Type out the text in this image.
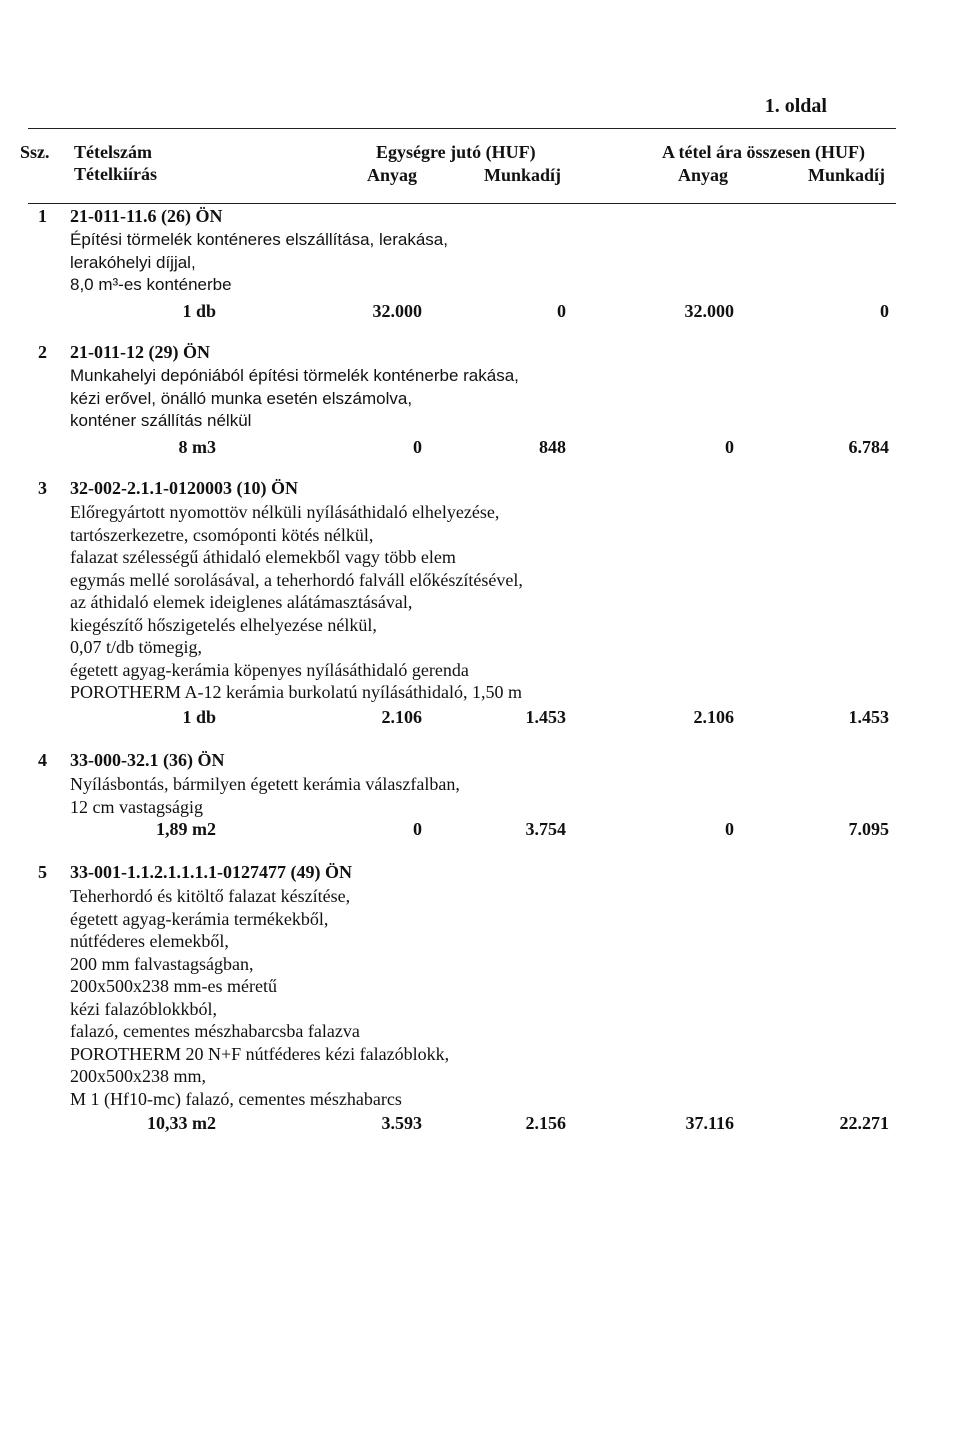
1. oldal
Ssz. Tételszám
Tételkiírás
Egységre jutó (HUF)
Anyag	Munkadíj
A tétel ára összesen (HUF)
Anyag	Munkadíj
1 21-011-11.6 (26) ÖN
Építési törmelék konténeres elszállítása, lerakása,
lerakóhelyi díjjal,
8,0 m³-es konténerbe
1 db	32.000	0	32.000	0
2 21-011-12 (29) ÖN
Munkahelyi depóniából építési törmelék konténerbe rakása,
kézi erővel, önálló munka esetén elszámolva,
konténer szállítás nélkül
8 m3	0	848	0	6.784
3 32-002-2.1.1-0120003 (10) ÖN
Előregyártott nyomottöv nélküli nyílásáthidaló elhelyezése,
tartószerkezetre, csomóponti kötés nélkül,
falazat szélességű áthidaló elemekből vagy több elem
egymás mellé sorolásával, a teherhordó falváll előkészítésével,
az áthidaló elemek ideiglenes alátámasztásával,
kiegészítő hőszigetelés elhelyezése nélkül,
0,07 t/db tömegig,
égetett agyag-kerámia köpenyes nyílásáthidaló gerenda
POROTHERM A-12 kerámia burkolatú nyílásáthidaló, 1,50 m
1 db	2.106	1.453	2.106	1.453
4 33-000-32.1 (36) ÖN
Nyílásbontás, bármilyen égetett kerámia válaszfalban,
12 cm vastagságig
1,89 m2	0	3.754	0	7.095
5 33-001-1.1.2.1.1.1.1-0127477 (49) ÖN
Teherhordó és kitöltő falazat készítése,
égetett agyag-kerámia termékekből,
nútféderes elemekből,
200 mm falvastagságban,
200x500x238 mm-es méretű
kézi falazóblokkból,
falazó, cementes mészhabarcsba falazva
POROTHERM 20 N+F nútféderes kézi falazóblokk,
200x500x238 mm,
M 1 (Hf10-mc) falazó, cementes mészhabarcs
10,33 m2	3.593	2.156	37.116	22.271
